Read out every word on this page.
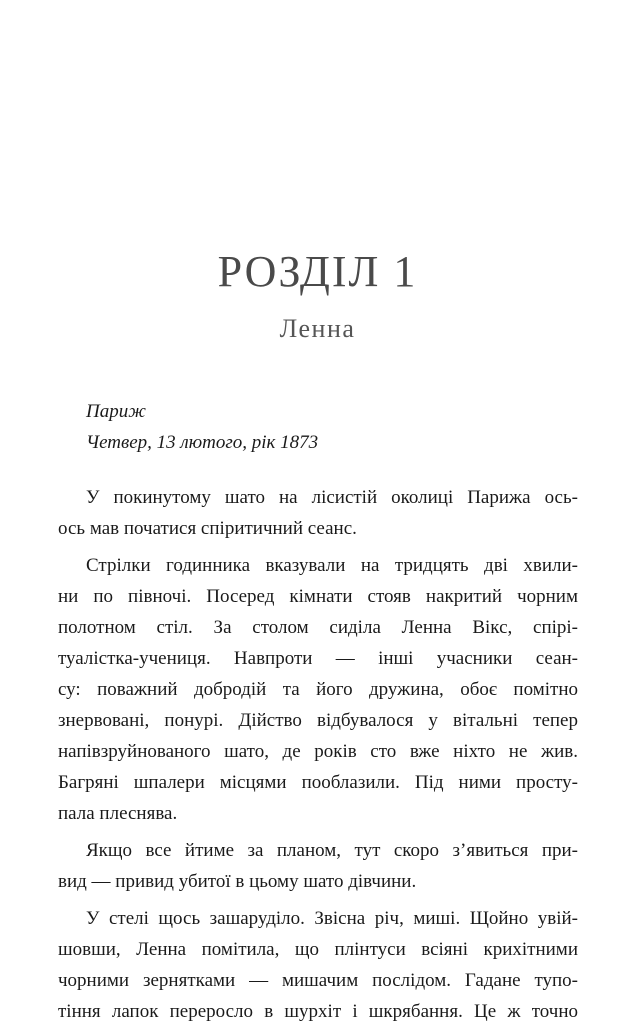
РОЗДІЛ 1
Ленна
Париж
Четвер, 13 лютого, рік 1873
У покинутому шато на лісистій околиці Парижа ось-
ось мав початися спіритичний сеанс.
Стрілки годинника вказували на тридцять дві хвили-
ни по півночі. Посеред кімнати стояв накритий чорним
полотном стіл. За столом сиділа Ленна Вікс, спірі-
туалістка-учениця. Навпроти — інші учасники сеан-
су: поважний добродій та його дружина, обоє помітно
знервовані, понурі. Дійство відбувалося у вітальні тепер
напівзруйнованого шато, де років сто вже ніхто не жив.
Багряні шпалери місцями пооблазили. Під ними просту-
пала плеснява.
Якщо все йтиме за планом, тут скоро з’явиться при-
вид — привид убитої в цьому шато дівчини.
У стелі щось зашаруділо. Звісна річ, миші. Щойно увій-
шовши, Ленна помітила, що плінтуси всіяні крихітними
чорними зернятками — мишачим послідом. Гадане тупо-
тіння лапок переросло в шурхіт і шкрябання. Це ж точно
